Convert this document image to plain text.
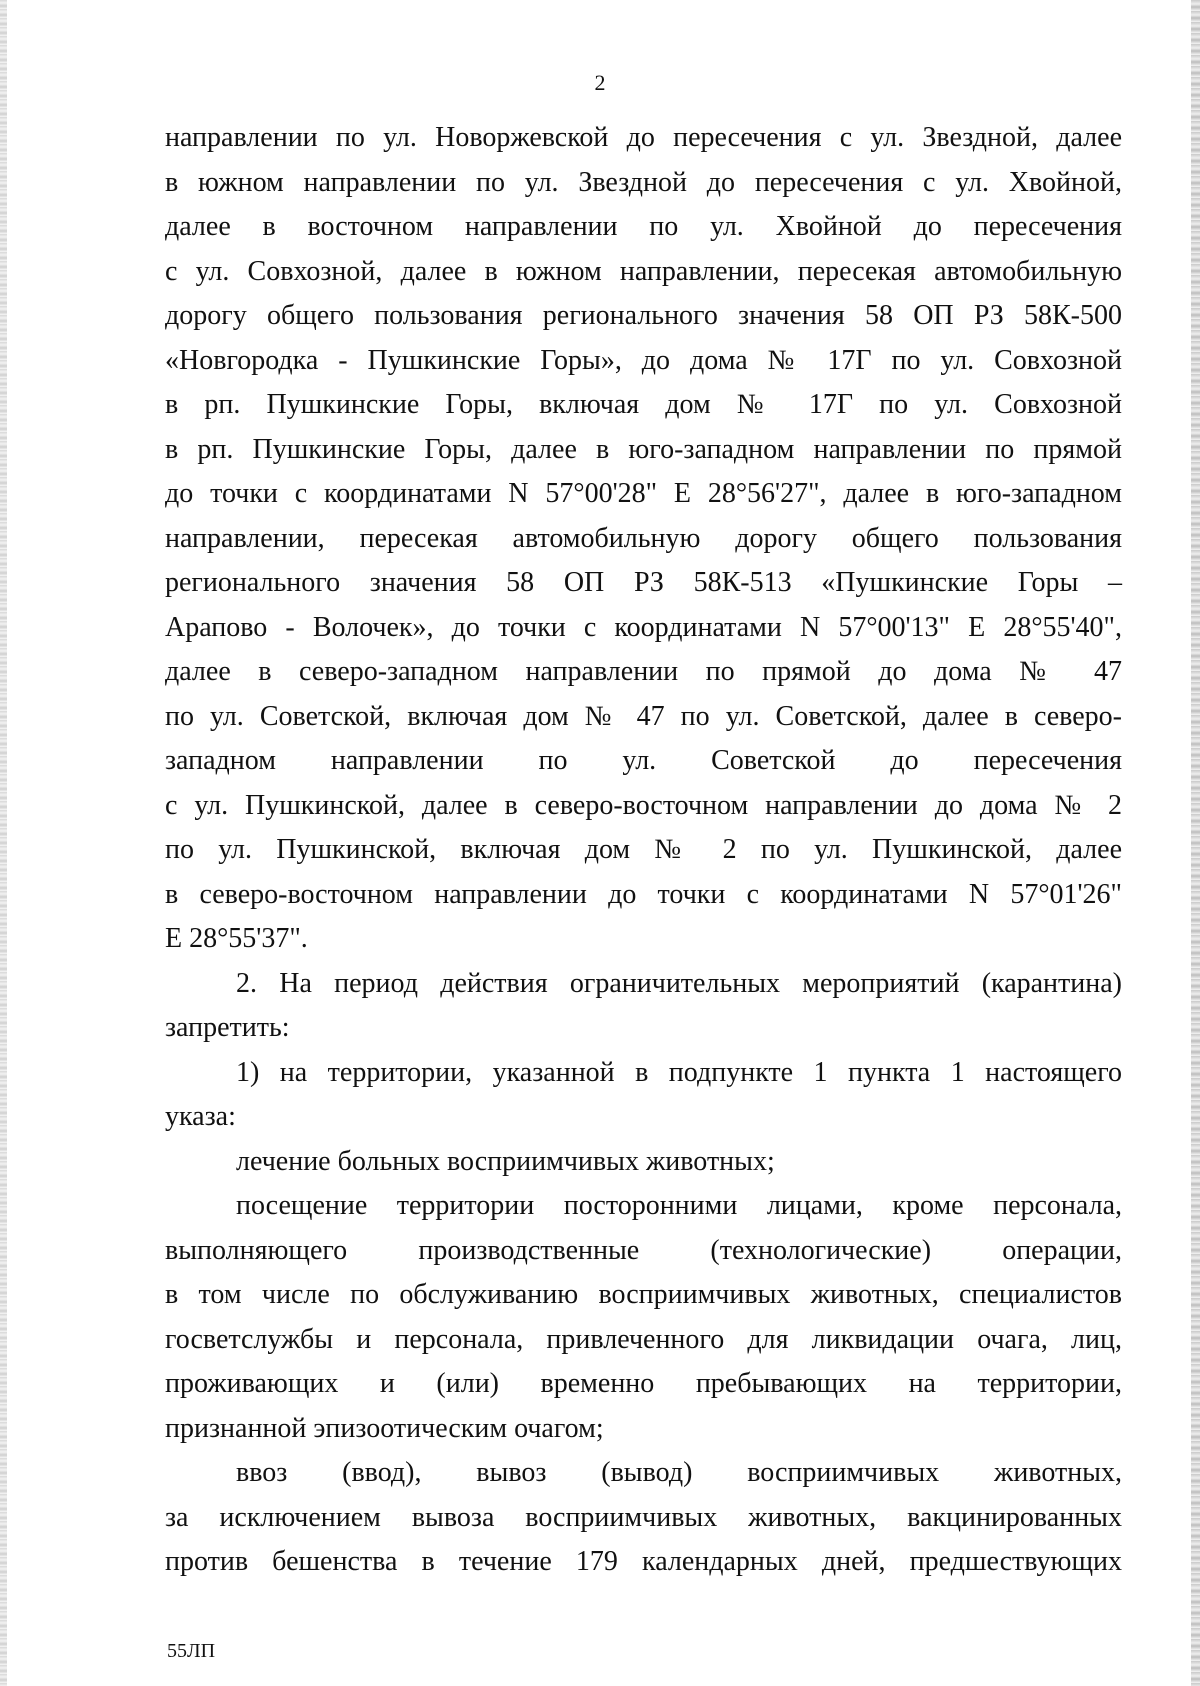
2
направлении по ул. Новоржевской до пересечения с ул. Звездной, далее
в южном направлении по ул. Звездной до пересечения с ул. Хвойной,
далее в восточном направлении по ул. Хвойной до пересечения
с ул. Совхозной, далее в южном направлении, пересекая автомобильную
дорогу общего пользования регионального значения 58 ОП РЗ 58К-500
«Новгородка - Пушкинские Горы», до дома № 17Г по ул. Совхозной
в рп. Пушкинские Горы, включая дом № 17Г по ул. Совхозной
в рп. Пушкинские Горы, далее в юго-западном направлении по прямой
до точки с координатами N 57°00'28" E 28°56'27", далее в юго-западном
направлении, пересекая автомобильную дорогу общего пользования
регионального значения 58 ОП РЗ 58К-513 «Пушкинские Горы –
Арапово - Волочек», до точки с координатами N 57°00'13" E 28°55'40",
далее в северо-западном направлении по прямой до дома № 47
по ул. Советской, включая дом № 47 по ул. Советской, далее в северо-
западном направлении по ул. Советской до пересечения
с ул. Пушкинской, далее в северо-восточном направлении до дома № 2
по ул. Пушкинской, включая дом № 2 по ул. Пушкинской, далее
в северо-восточном направлении до точки с координатами N 57°01'26"
E 28°55'37".
2. На период действия ограничительных мероприятий (карантина)
запретить:
1) на территории, указанной в подпункте 1 пункта 1 настоящего
указа:
лечение больных восприимчивых животных;
посещение территории посторонними лицами, кроме персонала,
выполняющего производственные (технологические) операции,
в том числе по обслуживанию восприимчивых животных, специалистов
госветслужбы и персонала, привлеченного для ликвидации очага, лиц,
проживающих и (или) временно пребывающих на территории,
признанной эпизоотическим очагом;
ввоз (ввод), вывоз (вывод) восприимчивых животных,
за исключением вывоза восприимчивых животных, вакцинированных
против бешенства в течение 179 календарных дней, предшествующих
55ЛП
